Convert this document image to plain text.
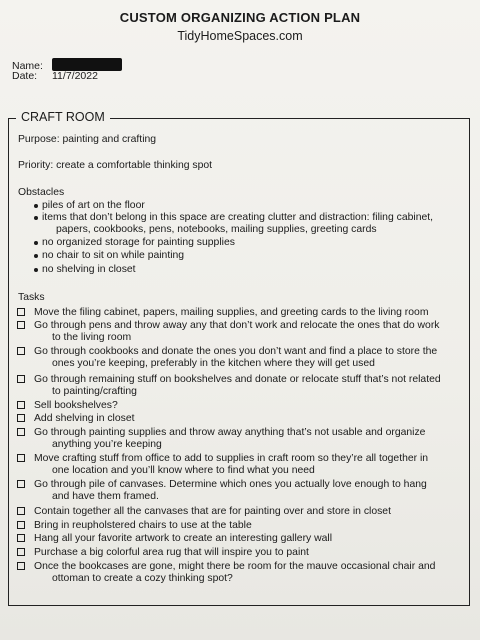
CUSTOM ORGANIZING ACTION PLAN
TidyHomeSpaces.com
Name:
Date: 11/7/2022
CRAFT ROOM
Purpose: painting and crafting
Priority: create a comfortable thinking spot
Obstacles
piles of art on the floor
items that don’t belong in this space are creating clutter and distraction: filing cabinet,
papers, cookbooks, pens, notebooks, mailing supplies, greeting cards
no organized storage for painting supplies
no chair to sit on while painting
no shelving in closet
Tasks
Move the filing cabinet, papers, mailing supplies, and greeting cards to the living room
Go through pens and throw away any that don’t work and relocate the ones that do work
to the living room
Go through cookbooks and donate the ones you don’t want and find a place to store the
ones you’re keeping, preferably in the kitchen where they will get used
Go through remaining stuff on bookshelves and donate or relocate stuff that’s not related
to painting/crafting
Sell bookshelves?
Add shelving in closet
Go through painting supplies and throw away anything that’s not usable and organize
anything you’re keeping
Move crafting stuff from office to add to supplies in craft room so they’re all together in
one location and you’ll know where to find what you need
Go through pile of canvases. Determine which ones you actually love enough to hang
and have them framed.
Contain together all the canvases that are for painting over and store in closet
Bring in reupholstered chairs to use at the table
Hang all your favorite artwork to create an interesting gallery wall
Purchase a big colorful area rug that will inspire you to paint
Once the bookcases are gone, might there be room for the mauve occasional chair and
ottoman to create a cozy thinking spot?
